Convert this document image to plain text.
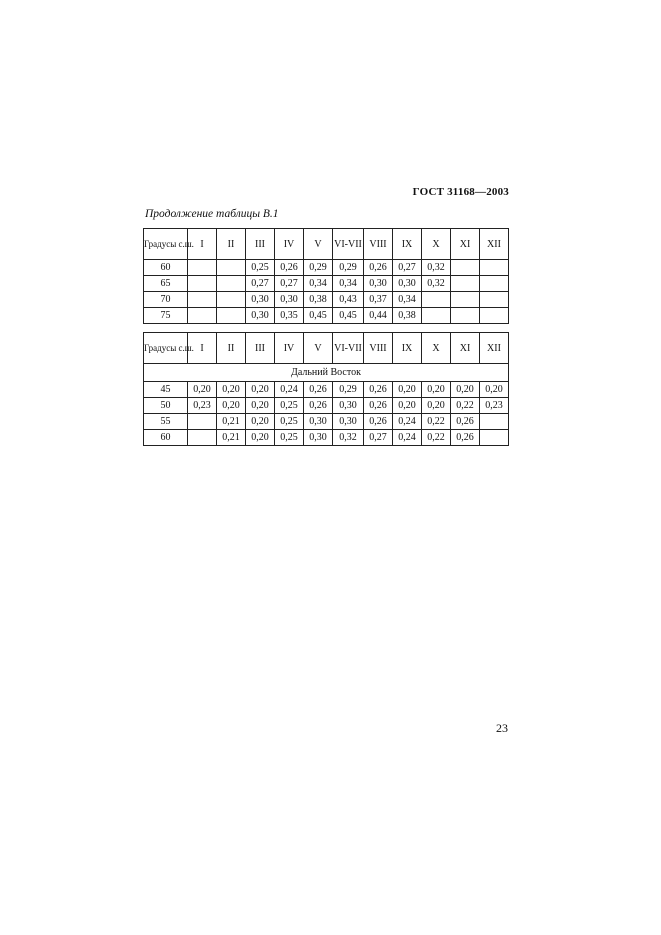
ГОСТ 31168—2003
Продолжение таблицы В.1
Градусы с.ш.	I	II	III	IV	V	VI-VII	VIII	IX	X	XI	XII
60			0,25	0,26	0,29	0,29	0,26	0,27	0,32		
65			0,27	0,27	0,34	0,34	0,30	0,30	0,32		
70			0,30	0,30	0,38	0,43	0,37	0,34			
75			0,30	0,35	0,45	0,45	0,44	0,38			
Градусы с.ш.	I	II	III	IV	V	VI-VII	VIII	IX	X	XI	XII
Дальний Восток											
45	0,20	0,20	0,20	0,24	0,26	0,29	0,26	0,20	0,20	0,20	0,20
50	0,23	0,20	0,20	0,25	0,26	0,30	0,26	0,20	0,20	0,22	0,23
55		0,21	0,20	0,25	0,30	0,30	0,26	0,24	0,22	0,26	
60		0,21	0,20	0,25	0,30	0,32	0,27	0,24	0,22	0,26	
23
